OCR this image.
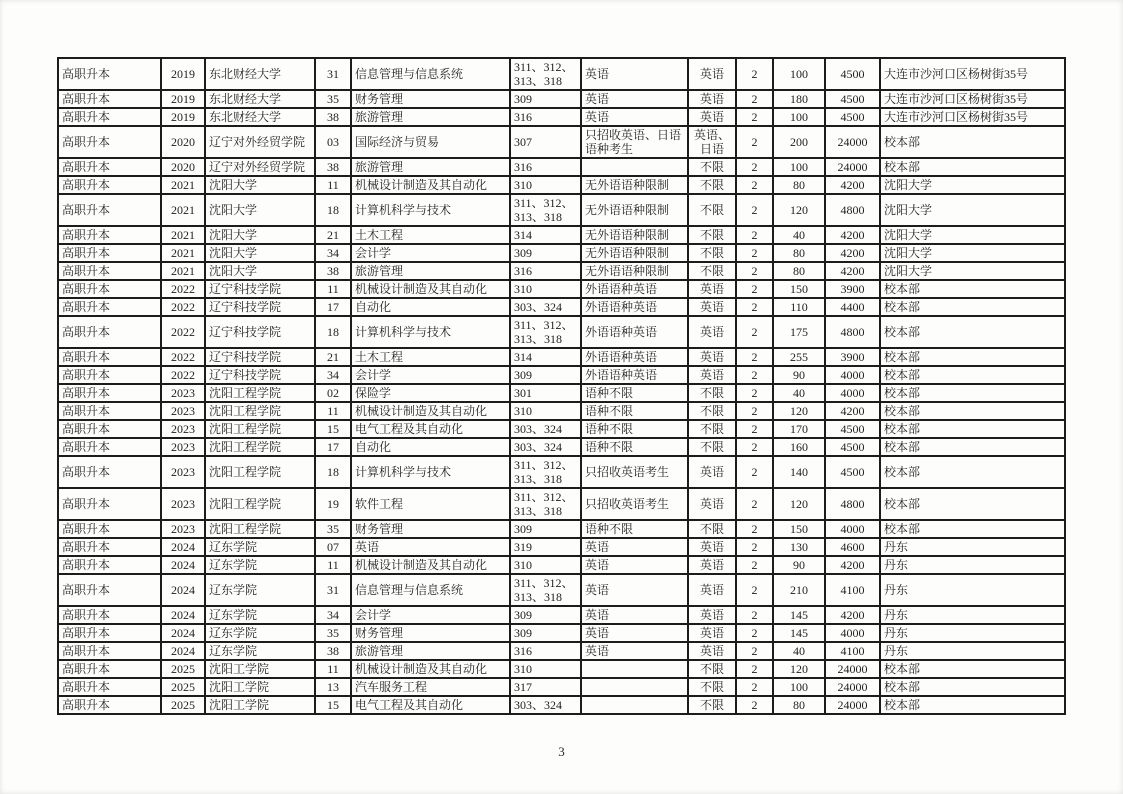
高职升本	2019	东北财经大学	31	信息管理与信息系统	311、312、313、318	英语	英语	2	100	4500	大连市沙河口区杨树街35号
高职升本	2019	东北财经大学	35	财务管理	309	英语	英语	2	180	4500	大连市沙河口区杨树街35号
高职升本	2019	东北财经大学	38	旅游管理	316	英语	英语	2	100	4500	大连市沙河口区杨树街35号
高职升本	2020	辽宁对外经贸学院	03	国际经济与贸易	307	只招收英语、日语语种考生	英语、日语	2	200	24000	校本部
高职升本	2020	辽宁对外经贸学院	38	旅游管理	316		不限	2	100	24000	校本部
高职升本	2021	沈阳大学	11	机械设计制造及其自动化	310	无外语语种限制	不限	2	80	4200	沈阳大学
高职升本	2021	沈阳大学	18	计算机科学与技术	311、312、313、318	无外语语种限制	不限	2	120	4800	沈阳大学
高职升本	2021	沈阳大学	21	土木工程	314	无外语语种限制	不限	2	40	4200	沈阳大学
高职升本	2021	沈阳大学	34	会计学	309	无外语语种限制	不限	2	80	4200	沈阳大学
高职升本	2021	沈阳大学	38	旅游管理	316	无外语语种限制	不限	2	80	4200	沈阳大学
高职升本	2022	辽宁科技学院	11	机械设计制造及其自动化	310	外语语种英语	英语	2	150	3900	校本部
高职升本	2022	辽宁科技学院	17	自动化	303、324	外语语种英语	英语	2	110	4400	校本部
高职升本	2022	辽宁科技学院	18	计算机科学与技术	311、312、313、318	外语语种英语	英语	2	175	4800	校本部
高职升本	2022	辽宁科技学院	21	土木工程	314	外语语种英语	英语	2	255	3900	校本部
高职升本	2022	辽宁科技学院	34	会计学	309	外语语种英语	英语	2	90	4000	校本部
高职升本	2023	沈阳工程学院	02	保险学	301	语种不限	不限	2	40	4000	校本部
高职升本	2023	沈阳工程学院	11	机械设计制造及其自动化	310	语种不限	不限	2	120	4200	校本部
高职升本	2023	沈阳工程学院	15	电气工程及其自动化	303、324	语种不限	不限	2	170	4500	校本部
高职升本	2023	沈阳工程学院	17	自动化	303、324	语种不限	不限	2	160	4500	校本部
高职升本	2023	沈阳工程学院	18	计算机科学与技术	311、312、313、318	只招收英语考生	英语	2	140	4500	校本部
高职升本	2023	沈阳工程学院	19	软件工程	311、312、313、318	只招收英语考生	英语	2	120	4800	校本部
高职升本	2023	沈阳工程学院	35	财务管理	309	语种不限	不限	2	150	4000	校本部
高职升本	2024	辽东学院	07	英语	319	英语	英语	2	130	4600	丹东
高职升本	2024	辽东学院	11	机械设计制造及其自动化	310	英语	英语	2	90	4200	丹东
高职升本	2024	辽东学院	31	信息管理与信息系统	311、312、313、318	英语	英语	2	210	4100	丹东
高职升本	2024	辽东学院	34	会计学	309	英语	英语	2	145	4200	丹东
高职升本	2024	辽东学院	35	财务管理	309	英语	英语	2	145	4000	丹东
高职升本	2024	辽东学院	38	旅游管理	316	英语	英语	2	40	4100	丹东
高职升本	2025	沈阳工学院	11	机械设计制造及其自动化	310		不限	2	120	24000	校本部
高职升本	2025	沈阳工学院	13	汽车服务工程	317		不限	2	100	24000	校本部
高职升本	2025	沈阳工学院	15	电气工程及其自动化	303、324		不限	2	80	24000	校本部
3
